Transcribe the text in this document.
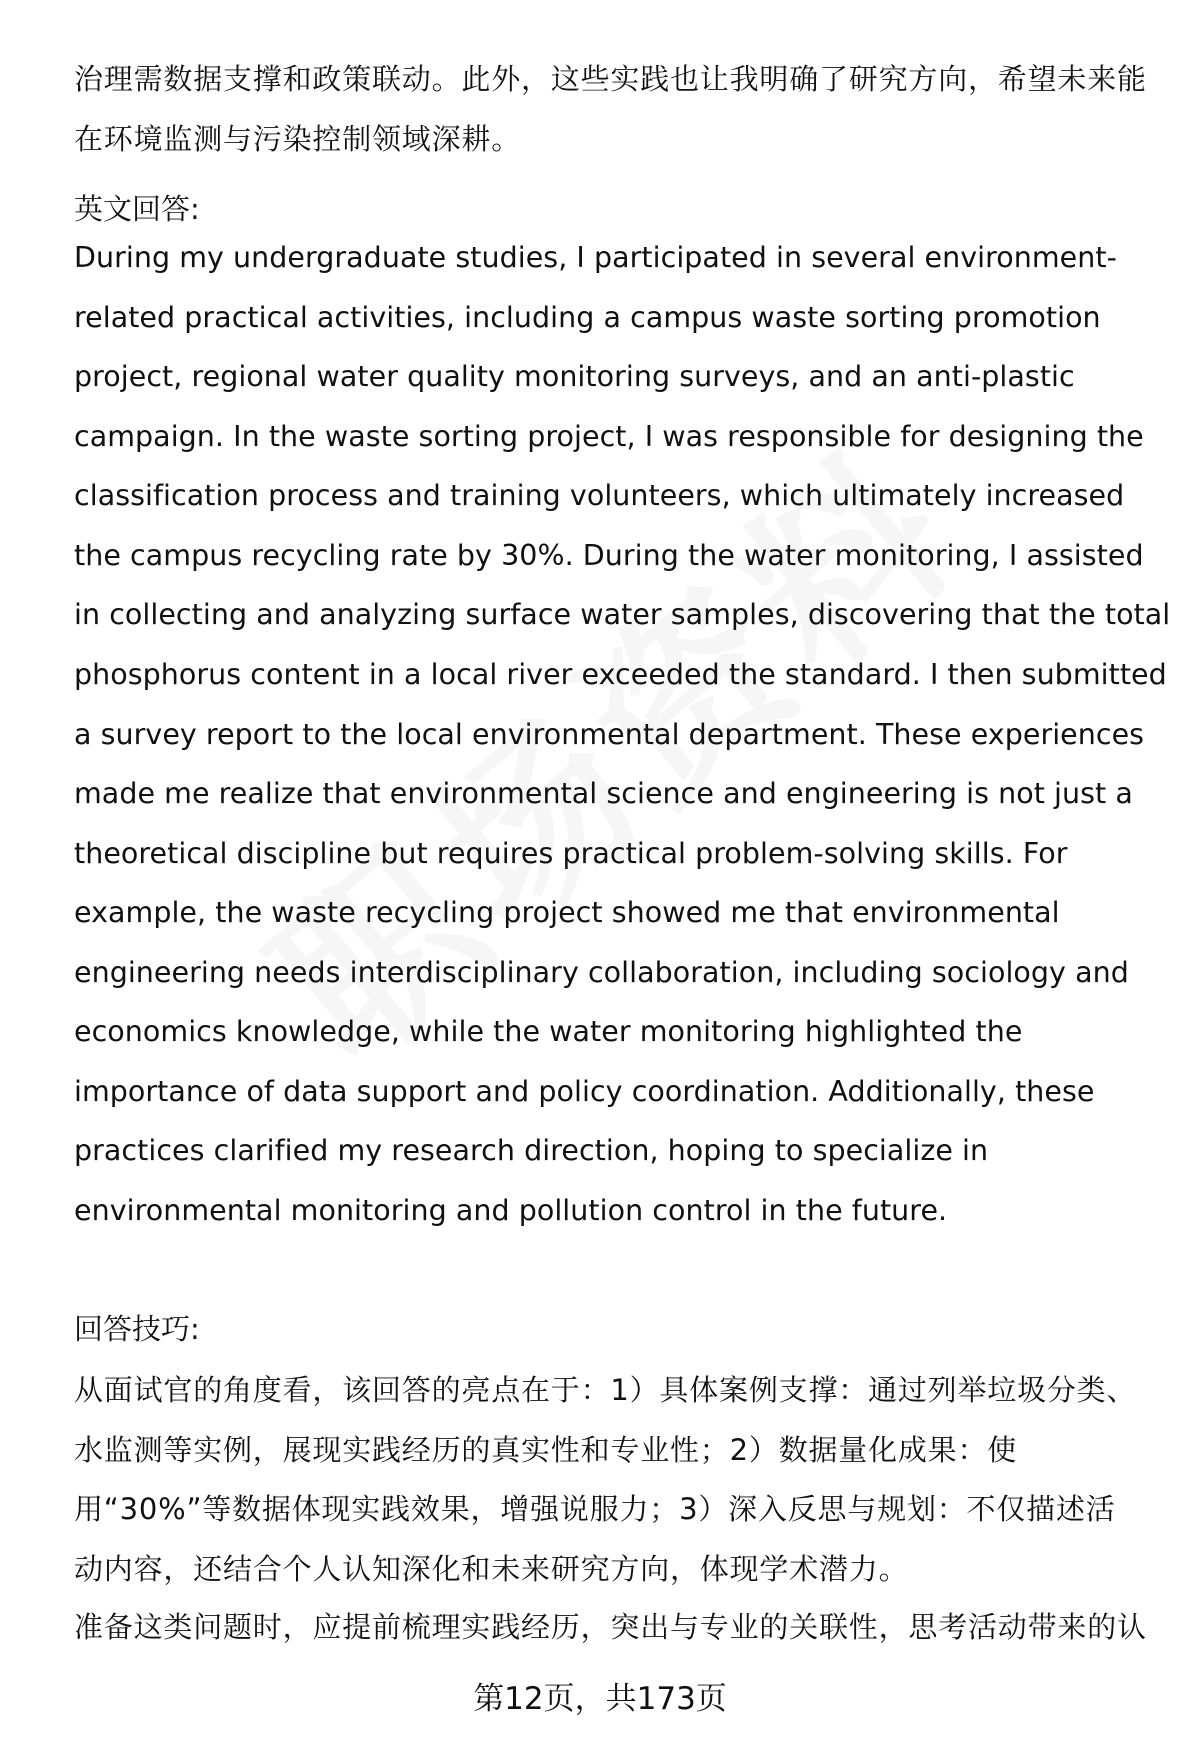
治理需数据支撑和政策联动。此外，这些实践也让我明确了研究方向，希望未来能
在环境监测与污染控制领域深耕。
英文回答:
During my undergraduate studies, I participated in several environment-
related practical activities, including a campus waste sorting promotion
project, regional water quality monitoring surveys, and an anti-plastic
campaign. In the waste sorting project, I was responsible for designing the
classification process and training volunteers, which ultimately increased
the campus recycling rate by 30%. During the water monitoring, I assisted
in collecting and analyzing surface water samples, discovering that the total
phosphorus content in a local river exceeded the standard. I then submitted
a survey report to the local environmental department. These experiences
made me realize that environmental science and engineering is not just a
theoretical discipline but requires practical problem-solving skills. For
example, the waste recycling project showed me that environmental
engineering needs interdisciplinary collaboration, including sociology and
economics knowledge, while the water monitoring highlighted the
importance of data support and policy coordination. Additionally, these
practices clarified my research direction, hoping to specialize in
environmental monitoring and pollution control in the future.
回答技巧:
从面试官的角度看，该回答的亮点在于：1）具体案例支撑：通过列举垃圾分类、
水监测等实例，展现实践经历的真实性和专业性；2）数据量化成果：使
用“30%”等数据体现实践效果，增强说服力；3）深入反思与规划：不仅描述活
动内容，还结合个人认知深化和未来研究方向，体现学术潜力。
准备这类问题时，应提前梳理实践经历，突出与专业的关联性，思考活动带来的认
第12页，共173页
